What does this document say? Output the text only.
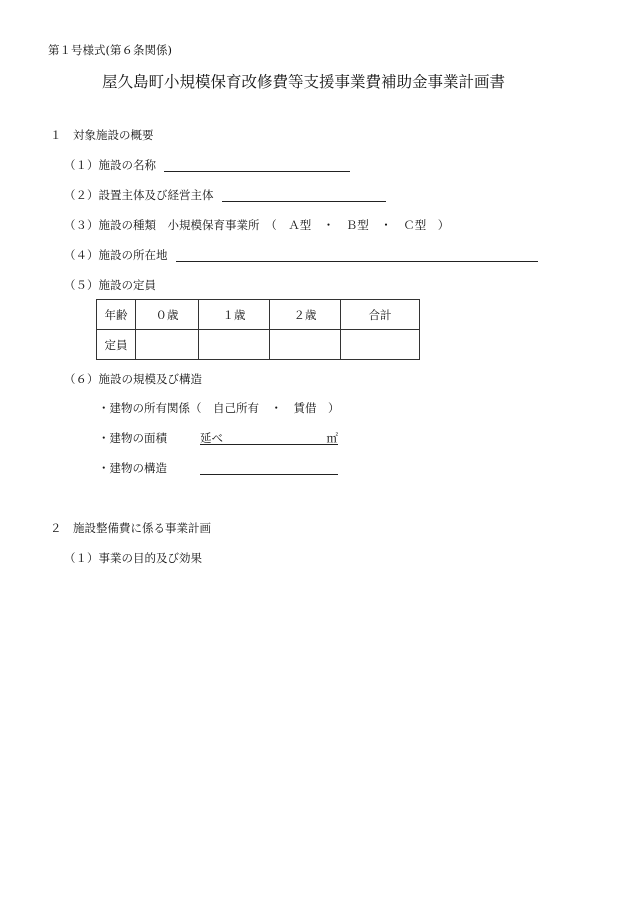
第１号様式(第６条関係)
屋久島町小規模保育改修費等支援事業費補助金事業計画書
１　対象施設の概要
（１）施設の名称
（２）設置主体及び経営主体
（３）施設の種類　小規模保育事業所　（　Ａ型　・　Ｂ型　・　Ｃ型　）
（４）施設の所在地
（５）施設の定員
年齢	０歳	１歳	２歳	合計
定員				
（６）施設の規模及び構造
・建物の所有関係（　自己所有　・　賃借　）
・建物の面積	延べ	㎡
・建物の構造
２　施設整備費に係る事業計画
（１）事業の目的及び効果
